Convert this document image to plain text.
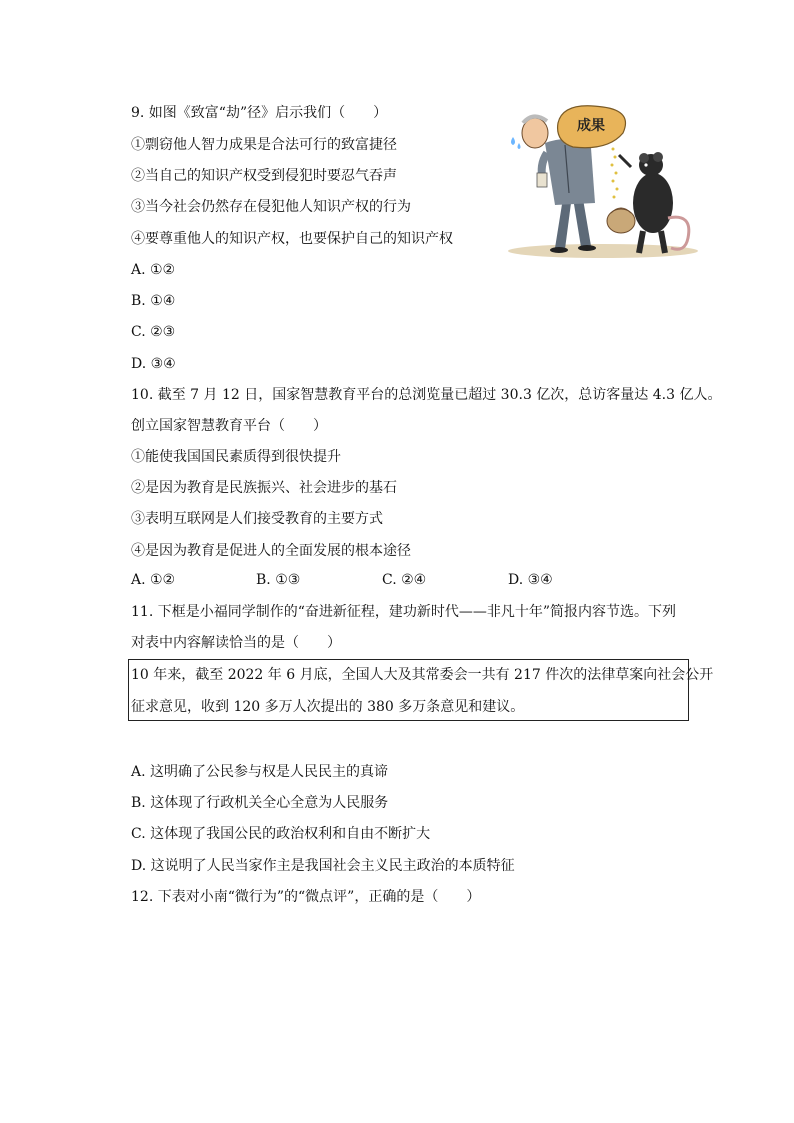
9. 如图《致富“劫”径》启示我们（　　）
①剽窃他人智力成果是合法可行的致富捷径
②当自己的知识产权受到侵犯时要忍气吞声
③当今社会仍然存在侵犯他人知识产权的行为
④要尊重他人的知识产权，也要保护自己的知识产权
A. ①②
B. ①④
C. ②③
D. ③④
成果
10. 截至 7 月 12 日，国家智慧教育平台的总浏览量已超过 30.3 亿次，总访客量达 4.3 亿人。
创立国家智慧教育平台（　　）
①能使我国国民素质得到很快提升
②是因为教育是民族振兴、社会进步的基石
③表明互联网是人们接受教育的主要方式
④是因为教育是促进人的全面发展的根本途径
A. ①②	B. ①③	C. ②④	D. ③④
11. 下框是小福同学制作的“奋进新征程，建功新时代——非凡十年”简报内容节选。下列
对表中内容解读恰当的是（　　）
10 年来，截至 2022 年 6 月底，全国人大及其常委会一共有 217 件次的法律草案向社会公开
征求意见，收到 120 多万人次提出的 380 多万条意见和建议。
A. 这明确了公民参与权是人民民主的真谛
B. 这体现了行政机关全心全意为人民服务
C. 这体现了我国公民的政治权利和自由不断扩大
D. 这说明了人民当家作主是我国社会主义民主政治的本质特征
12. 下表对小南“微行为”的“微点评”，正确的是（　　）
